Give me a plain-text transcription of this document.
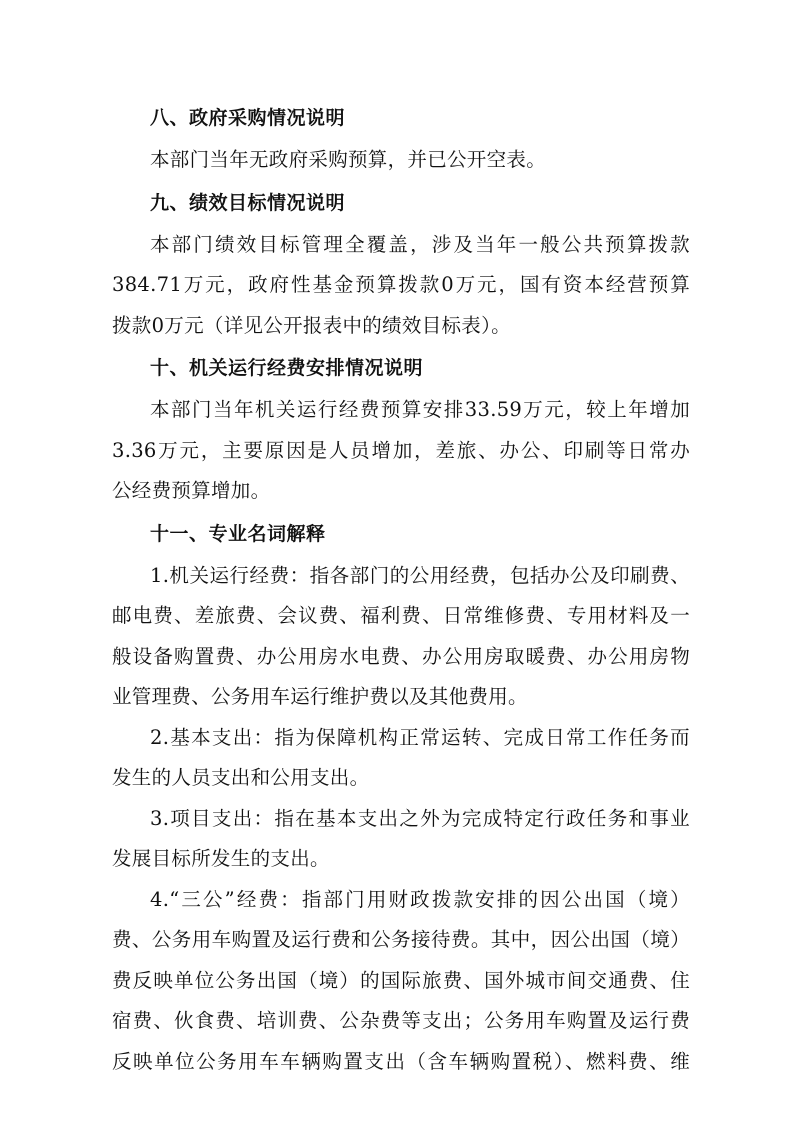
八、政府采购情况说明
本部门当年无政府采购预算，并已公开空表。
九、绩效目标情况说明
本部门绩效目标管理全覆盖，涉及当年一般公共预算拨款
384.71万元，政府性基金预算拨款0万元，国有资本经营预算
拨款0万元（详见公开报表中的绩效目标表）。
十、机关运行经费安排情况说明
本部门当年机关运行经费预算安排33.59万元，较上年增加
3.36万元，主要原因是人员增加，差旅、办公、印刷等日常办
公经费预算增加。
十一、专业名词解释
1.机关运行经费：指各部门的公用经费，包括办公及印刷费、
邮电费、差旅费、会议费、福利费、日常维修费、专用材料及一
般设备购置费、办公用房水电费、办公用房取暖费、办公用房物
业管理费、公务用车运行维护费以及其他费用。
2.基本支出：指为保障机构正常运转、完成日常工作任务而
发生的人员支出和公用支出。
3.项目支出：指在基本支出之外为完成特定行政任务和事业
发展目标所发生的支出。
4.“三公”经费：指部门用财政拨款安排的因公出国（境）
费、公务用车购置及运行费和公务接待费。其中，因公出国（境）
费反映单位公务出国（境）的国际旅费、国外城市间交通费、住
宿费、伙食费、培训费、公杂费等支出；公务用车购置及运行费
反映单位公务用车车辆购置支出（含车辆购置税）、燃料费、维
